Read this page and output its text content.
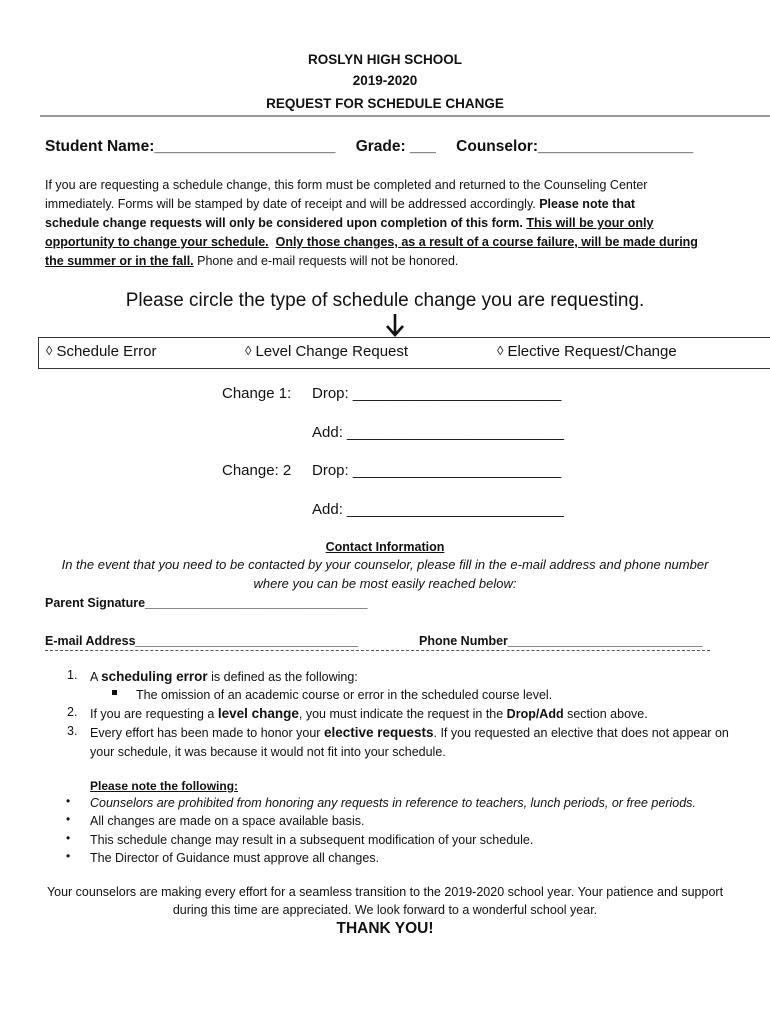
ROSLYN HIGH SCHOOL
2019-2020
REQUEST FOR SCHEDULE CHANGE
Student Name:_____________________ Grade: ___ Counselor:__________________
If you are requesting a schedule change, this form must be completed and returned to the Counseling Center
immediately. Forms will be stamped by date of receipt and will be addressed accordingly. Please note that
schedule change requests will only be considered upon completion of this form. This will be your only
opportunity to change your schedule. Only those changes, as a result of a course failure, will be made during
the summer or in the fall. Phone and e-mail requests will not be honored.
Please circle the type of schedule change you are requesting.
◊ Schedule Error	◊ Level Change Request	◊ Elective Request/Change
Change 1: Drop: _________________________
Add: __________________________
Change: 2 Drop: _________________________
Add: __________________________
Contact Information
In the event that you need to be contacted by your counselor, please fill in the e-mail address and phone number
where you can be most easily reached below:
Parent Signature________________________________
E-mail Address________________________________	Phone Number____________________________
1. A scheduling error is defined as the following:
The omission of an academic course or error in the scheduled course level.
2. If you are requesting a level change, you must indicate the request in the Drop/Add section above.
3. Every effort has been made to honor your elective requests. If you requested an elective that does not appear on
your schedule, it was because it would not fit into your schedule.
Please note the following:
• Counselors are prohibited from honoring any requests in reference to teachers, lunch periods, or free periods.
• All changes are made on a space available basis.
• This schedule change may result in a subsequent modification of your schedule.
• The Director of Guidance must approve all changes.
Your counselors are making every effort for a seamless transition to the 2019-2020 school year. Your patience and support
during this time are appreciated. We look forward to a wonderful school year.
THANK YOU!
